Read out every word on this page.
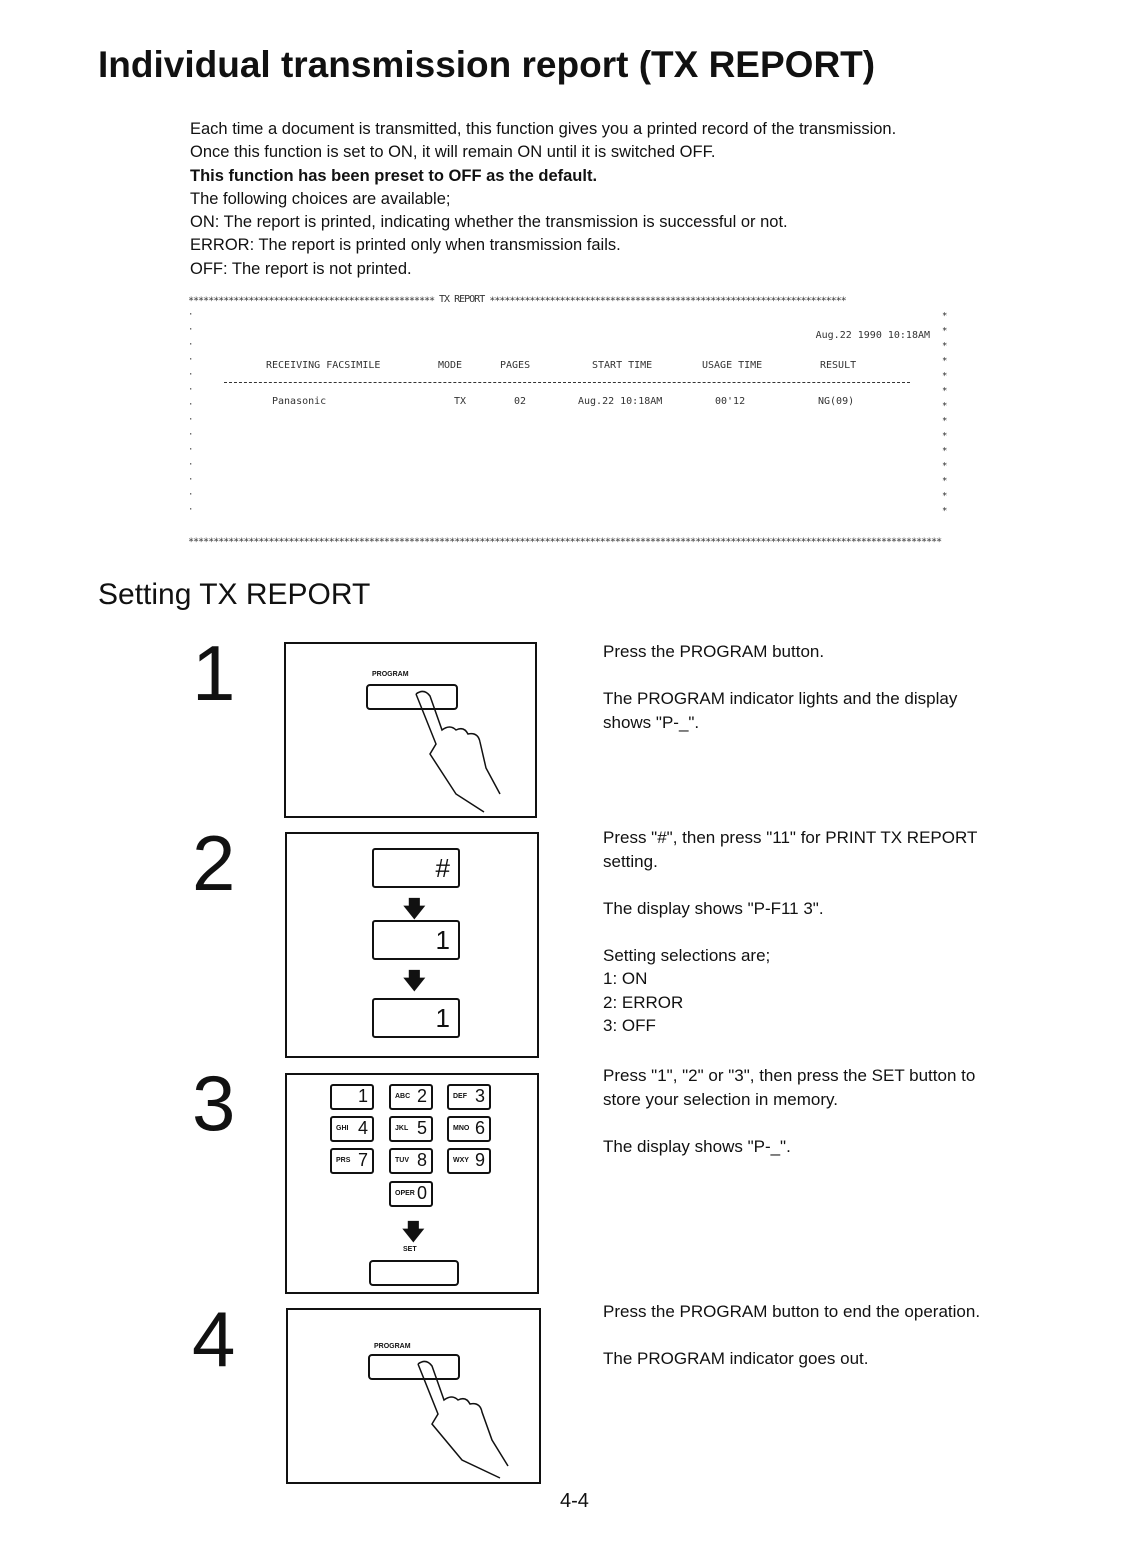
Individual transmission report (TX REPORT)
Each time a document is transmitted, this function gives you a printed record of the transmission.
Once this function is set to ON, it will remain ON until it is switched OFF.
This function has been preset to OFF as the default.
The following choices are available;
ON: The report is printed, indicating whether the transmission is successful or not.
ERROR: The report is printed only when transmission fails.
OFF: The report is not printed.
∗∗∗∗∗∗∗∗∗∗∗∗∗∗∗∗∗∗∗∗∗∗∗∗∗∗∗∗∗∗∗∗∗∗∗∗∗∗∗∗∗∗∗∗∗∗∗∗∗ TX REPORT ∗∗∗∗∗∗∗∗∗∗∗∗∗∗∗∗∗∗∗∗∗∗∗∗∗∗∗∗∗∗∗∗∗∗∗∗∗∗∗∗∗∗∗∗∗∗∗∗∗∗∗∗∗∗∗∗∗∗∗∗∗∗∗∗∗∗∗∗∗∗∗
·
·
·
·
·
·
·
·
·
·
·
·
·
·
∗
∗
∗
∗
∗
∗
∗
∗
∗
∗
∗
∗
∗
∗
Aug.22 1990 10:18AM
RECEIVING FACSIMILE	MODE	PAGES	START TIME	USAGE TIME	RESULT
Panasonic	TX	02	Aug.22 10:18AM	00'12	NG(09)
∗∗∗∗∗∗∗∗∗∗∗∗∗∗∗∗∗∗∗∗∗∗∗∗∗∗∗∗∗∗∗∗∗∗∗∗∗∗∗∗∗∗∗∗∗∗∗∗∗∗∗∗∗∗∗∗∗∗∗∗∗∗∗∗∗∗∗∗∗∗∗∗∗∗∗∗∗∗∗∗∗∗∗∗∗∗∗∗∗∗∗∗∗∗∗∗∗∗∗∗∗∗∗∗∗∗∗∗∗∗∗∗∗∗∗∗∗∗∗∗∗∗∗∗∗∗∗∗∗∗∗∗∗∗∗∗∗∗∗∗∗∗∗∗∗∗∗∗∗∗
Setting TX REPORT
1	PROGRAM
Press the PROGRAM button.

The PROGRAM indicator lights and the display
shows "P-_".
2	#
🡇
1
🡇
1
Press "#", then press "11" for PRINT TX REPORT
setting.

The display shows "P-F11 3".

Setting selections are;
1: ON
2: ERROR
3: OFF
3	1	ABC 2	DEF 3
GHI 4	JKL 5	MNO 6
PRS 7	TUV 8	WXY 9
OPER 0
🡇
SET
Press "1", "2" or "3", then press the SET button to
store your selection in memory.

The display shows "P-_".
4	PROGRAM
Press the PROGRAM button to end the operation.

The PROGRAM indicator goes out.
4-4
